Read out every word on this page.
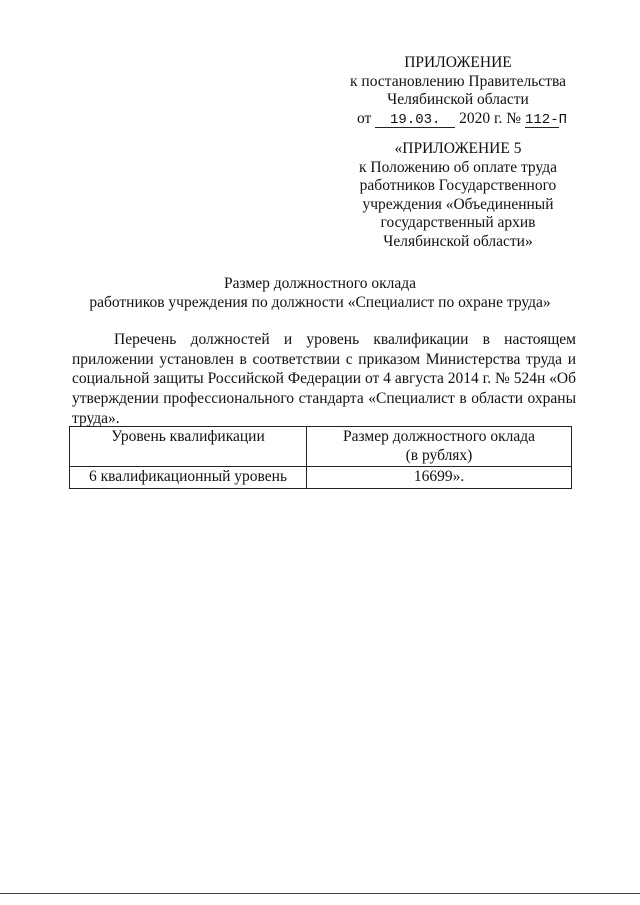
ПРИЛОЖЕНИЕ
к постановлению Правительства
Челябинской области
от 19.03. 2020 г. № 112-П
«ПРИЛОЖЕНИЕ 5
к Положению об оплате труда
работников Государственного
учреждения «Объединенный
государственный архив
Челябинской области»
Размер должностного оклада
работников учреждения по должности «Специалист по охране труда»
Перечень должностей и уровень квалификации в настоящем приложении установлен в соответствии с приказом Министерства труда и социальной защиты Российской Федерации от 4 августа 2014 г. № 524н «Об утверждении профессионального стандарта «Специалист в области охраны труда».
Уровень квалификации	Размер должностного оклада
(в рублях)

6 квалификационный уровень	16699».
